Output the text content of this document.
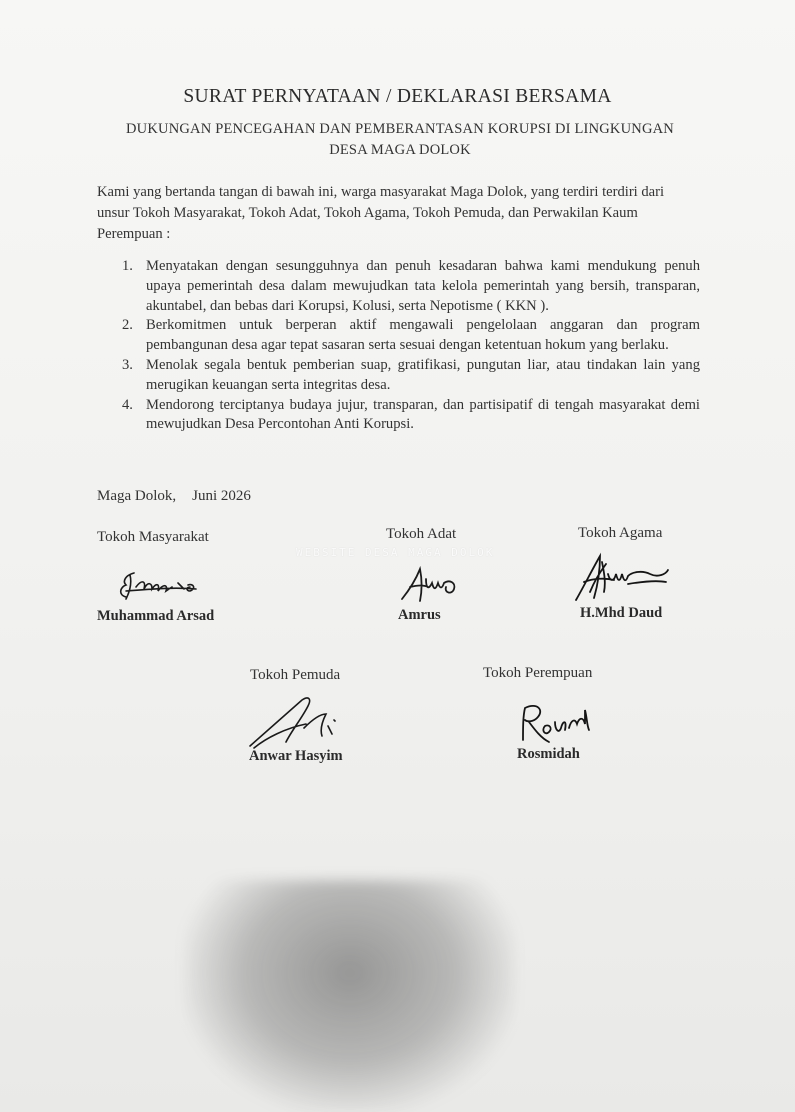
SURAT PERNYATAAN / DEKLARASI BERSAMA
DUKUNGAN PENCEGAHAN DAN PEMBERANTASAN KORUPSI DI LINGKUNGAN
DESA MAGA DOLOK
Kami yang bertanda tangan di bawah ini, warga masyarakat Maga Dolok, yang terdiri terdiri dari unsur Tokoh Masyarakat, Tokoh Adat, Tokoh Agama, Tokoh Pemuda, dan Perwakilan Kaum Perempuan :
1. Menyatakan dengan sesungguhnya dan penuh kesadaran bahwa kami mendukung penuh upaya pemerintah desa dalam mewujudkan tata kelola pemerintah yang bersih, transparan, akuntabel, dan bebas dari Korupsi, Kolusi, serta Nepotisme ( KKN ).
2. Berkomitmen untuk berperan aktif mengawali pengelolaan anggaran dan program pembangunan desa agar tepat sasaran serta sesuai dengan ketentuan hokum yang berlaku.
3. Menolak segala bentuk pemberian suap, gratifikasi, pungutan liar, atau tindakan lain yang merugikan keuangan serta integritas desa.
4. Mendorong terciptanya budaya jujur, transparan, dan partisipatif di tengah masyarakat demi mewujudkan Desa Percontohan Anti Korupsi.
Maga Dolok, Juni 2026
Tokoh Masyarakat	Tokoh Adat	Tokoh Agama
WEBSITE DESA MAGA DOLOK
Muhammad Arsad	Amrus	H.Mhd Daud
Tokoh Pemuda	Tokoh Perempuan
Anwar Hasyim	Rosmidah
